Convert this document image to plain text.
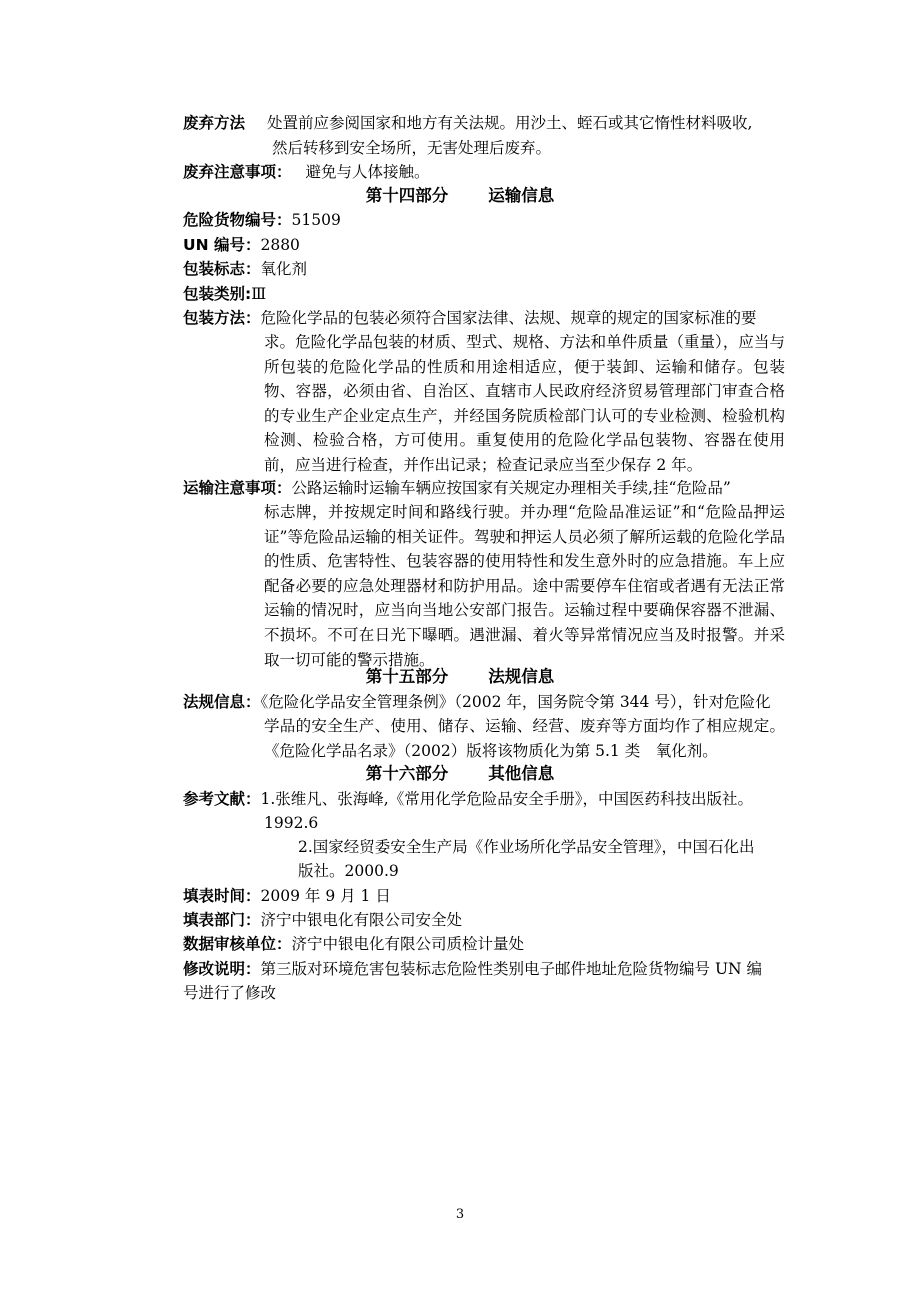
废弃方法 处置前应参阅国家和地方有关法规。用沙土、蛭石或其它惰性材料吸收,
然后转移到安全场所，无害处理后废弃。
废弃注意事项： 避免与人体接触。
第十四部分 运输信息
危险货物编号：51509
UN 编号：2880
包装标志：氧化剂
包装类别:Ⅲ
包装方法：危险化学品的包装必须符合国家法律、法规、规章的规定的国家标准的要
求。危险化学品包装的材质、型式、规格、方法和单件质量（重量），应当与所包装的危险化学品的性质和用途相适应，便于装卸、运输和储存。包装物、容器，必须由省、自治区、直辖市人民政府经济贸易管理部门审查合格的专业生产企业定点生产，并经国务院质检部门认可的专业检测、检验机构检测、检验合格，方可使用。重复使用的危险化学品包装物、容器在使用前，应当进行检查，并作出记录；检查记录应当至少保存 2 年。
运输注意事项：公路运输时运输车辆应按国家有关规定办理相关手续,挂“危险品”
标志牌，并按规定时间和路线行驶。并办理“危险品准运证”和“危险品押运证”等危险品运输的相关证件。驾驶和押运人员必须了解所运载的危险化学品的性质、危害特性、包装容器的使用特性和发生意外时的应急措施。车上应配备必要的应急处理器材和防护用品。途中需要停车住宿或者遇有无法正常运输的情况时，应当向当地公安部门报告。运输过程中要确保容器不泄漏、不损坏。不可在日光下曝晒。遇泄漏、着火等异常情况应当及时报警。并采取一切可能的警示措施。
第十五部分 法规信息
法规信息：《危险化学品安全管理条例》（2002 年，国务院令第 344 号），针对危险化
学品的安全生产、使用、储存、运输、经营、废弃等方面均作了相应规定。《危险化学品名录》（2002）版将该物质化为第 5.1 类　氧化剂。
第十六部分 其他信息
参考文献：1.张维凡、张海峰,《常用化学危险品安全手册》，中国医药科技出版社。
1992.6
2.国家经贸委安全生产局《作业场所化学品安全管理》，中国石化出
版社。2000.9
填表时间：2009 年 9 月 1 日
填表部门：济宁中银电化有限公司安全处
数据审核单位：济宁中银电化有限公司质检计量处
修改说明：第三版对环境危害包装标志危险性类别电子邮件地址危险货物编号 UN 编
号进行了修改
3
